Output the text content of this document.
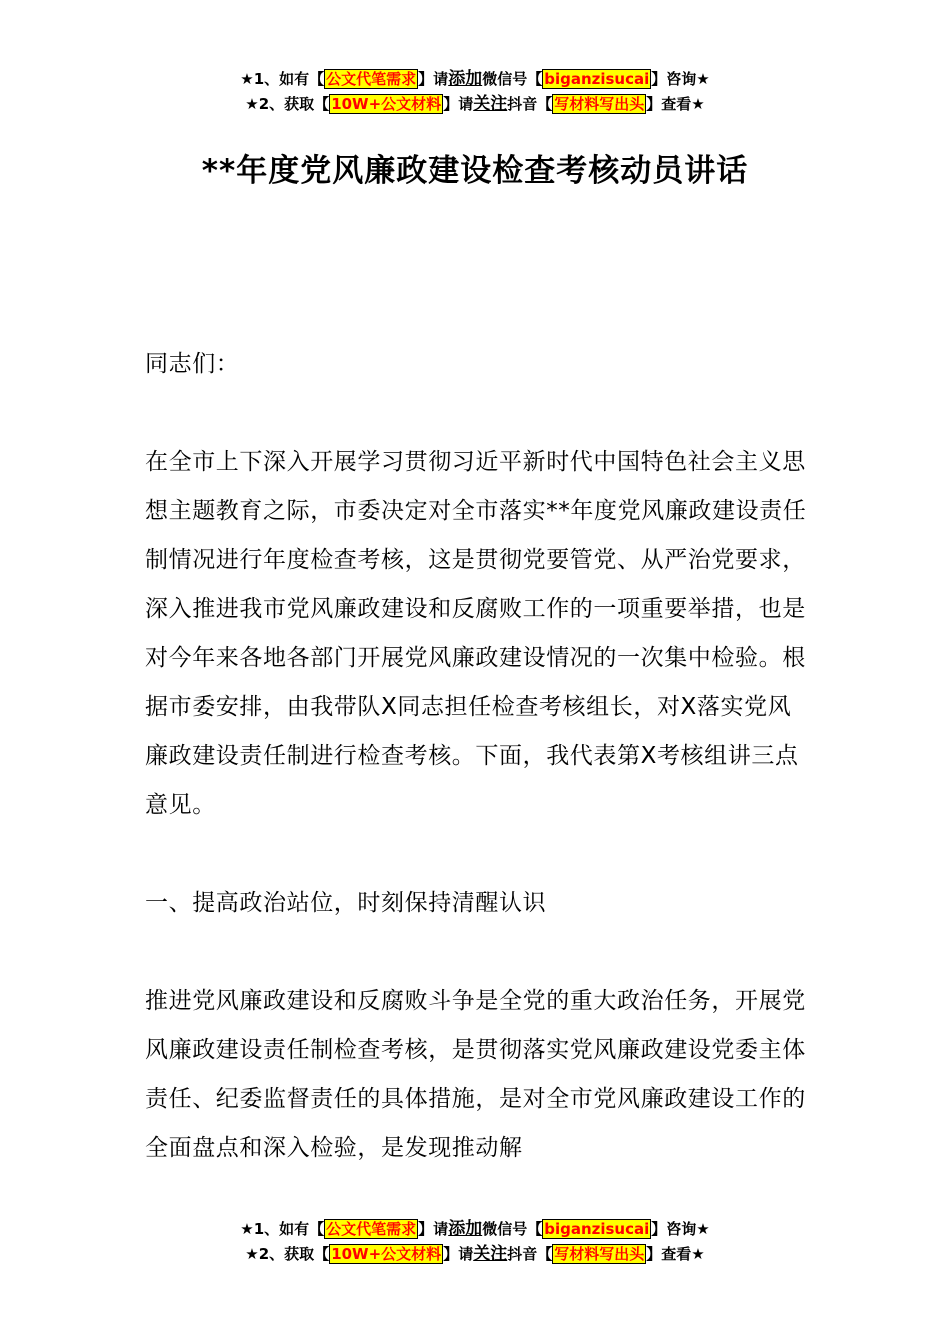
★1、如有【 公文代笔需求 】请添加微信号【 biganzisucai 】咨询★
★2、获取【 10W+公文材料 】请关注抖音【 写材料写出头 】查看★
**年度党风廉政建设检查考核动员讲话

同志们：

在全市上下深入开展学习贯彻习近平新时代中国特色社会主义思想主题教育之际，市委决定对全市落实**年度党风廉政建设责任制情况进行年度检查考核，这是贯彻党要管党、从严治党要求，深入推进我市党风廉政建设和反腐败工作的一项重要举措，也是对今年来各地各部门开展党风廉政建设情况的一次集中检验。根据市委安排，由我带队X同志担任检查考核组长，对X落实党风廉政建设责任制进行检查考核。下面，我代表第X考核组讲三点意见。

一、提高政治站位，时刻保持清醒认识

推进党风廉政建设和反腐败斗争是全党的重大政治任务，开展党风廉政建设责任制检查考核，是贯彻落实党风廉政建设党委主体责任、纪委监督责任的具体措施，是对全市党风廉政建设工作的全面盘点和深入检验，是发现推动解

★1、如有【 公文代笔需求 】请添加微信号【 biganzisucai 】咨询★
★2、获取【 10W+公文材料 】请关注抖音【 写材料写出头 】查看★
